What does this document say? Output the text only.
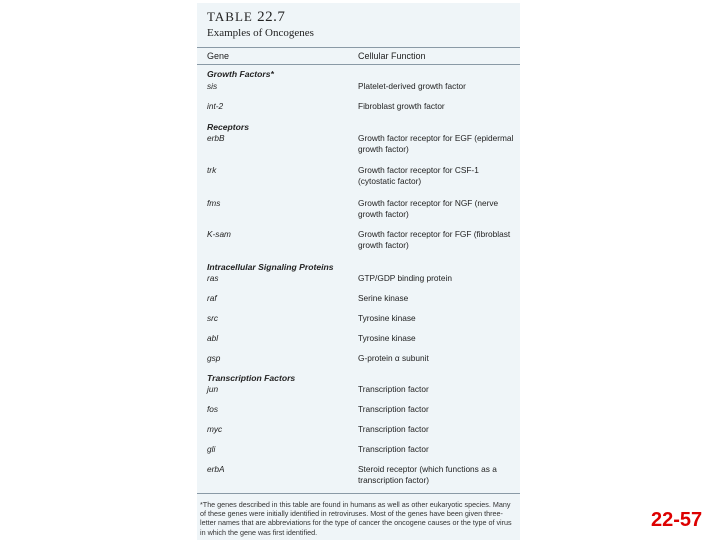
TABLE 22.7
Examples of Oncogenes
Gene	Cellular Function
Growth Factors*
sis	Platelet-derived growth factor
int-2	Fibroblast growth factor
Receptors
erbB	Growth factor receptor for EGF (epidermal growth factor)
trk	Growth factor receptor for CSF-1 (cytostatic factor)
fms	Growth factor receptor for NGF (nerve growth factor)
K-sam	Growth factor receptor for FGF (fibroblast growth factor)
Intracellular Signaling Proteins
ras	GTP/GDP binding protein
raf	Serine kinase
src	Tyrosine kinase
abl	Tyrosine kinase
gsp	G-protein α subunit
Transcription Factors
jun	Transcription factor
fos	Transcription factor
myc	Transcription factor
gli	Transcription factor
erbA	Steroid receptor (which functions as a transcription factor)
*The genes described in this table are found in humans as well as other eukaryotic species. Many of these genes were initially identified in retroviruses. Most of the genes have been given three-letter names that are abbreviations for the type of cancer the oncogene causes or the type of virus in which the gene was first identified.
22-57
